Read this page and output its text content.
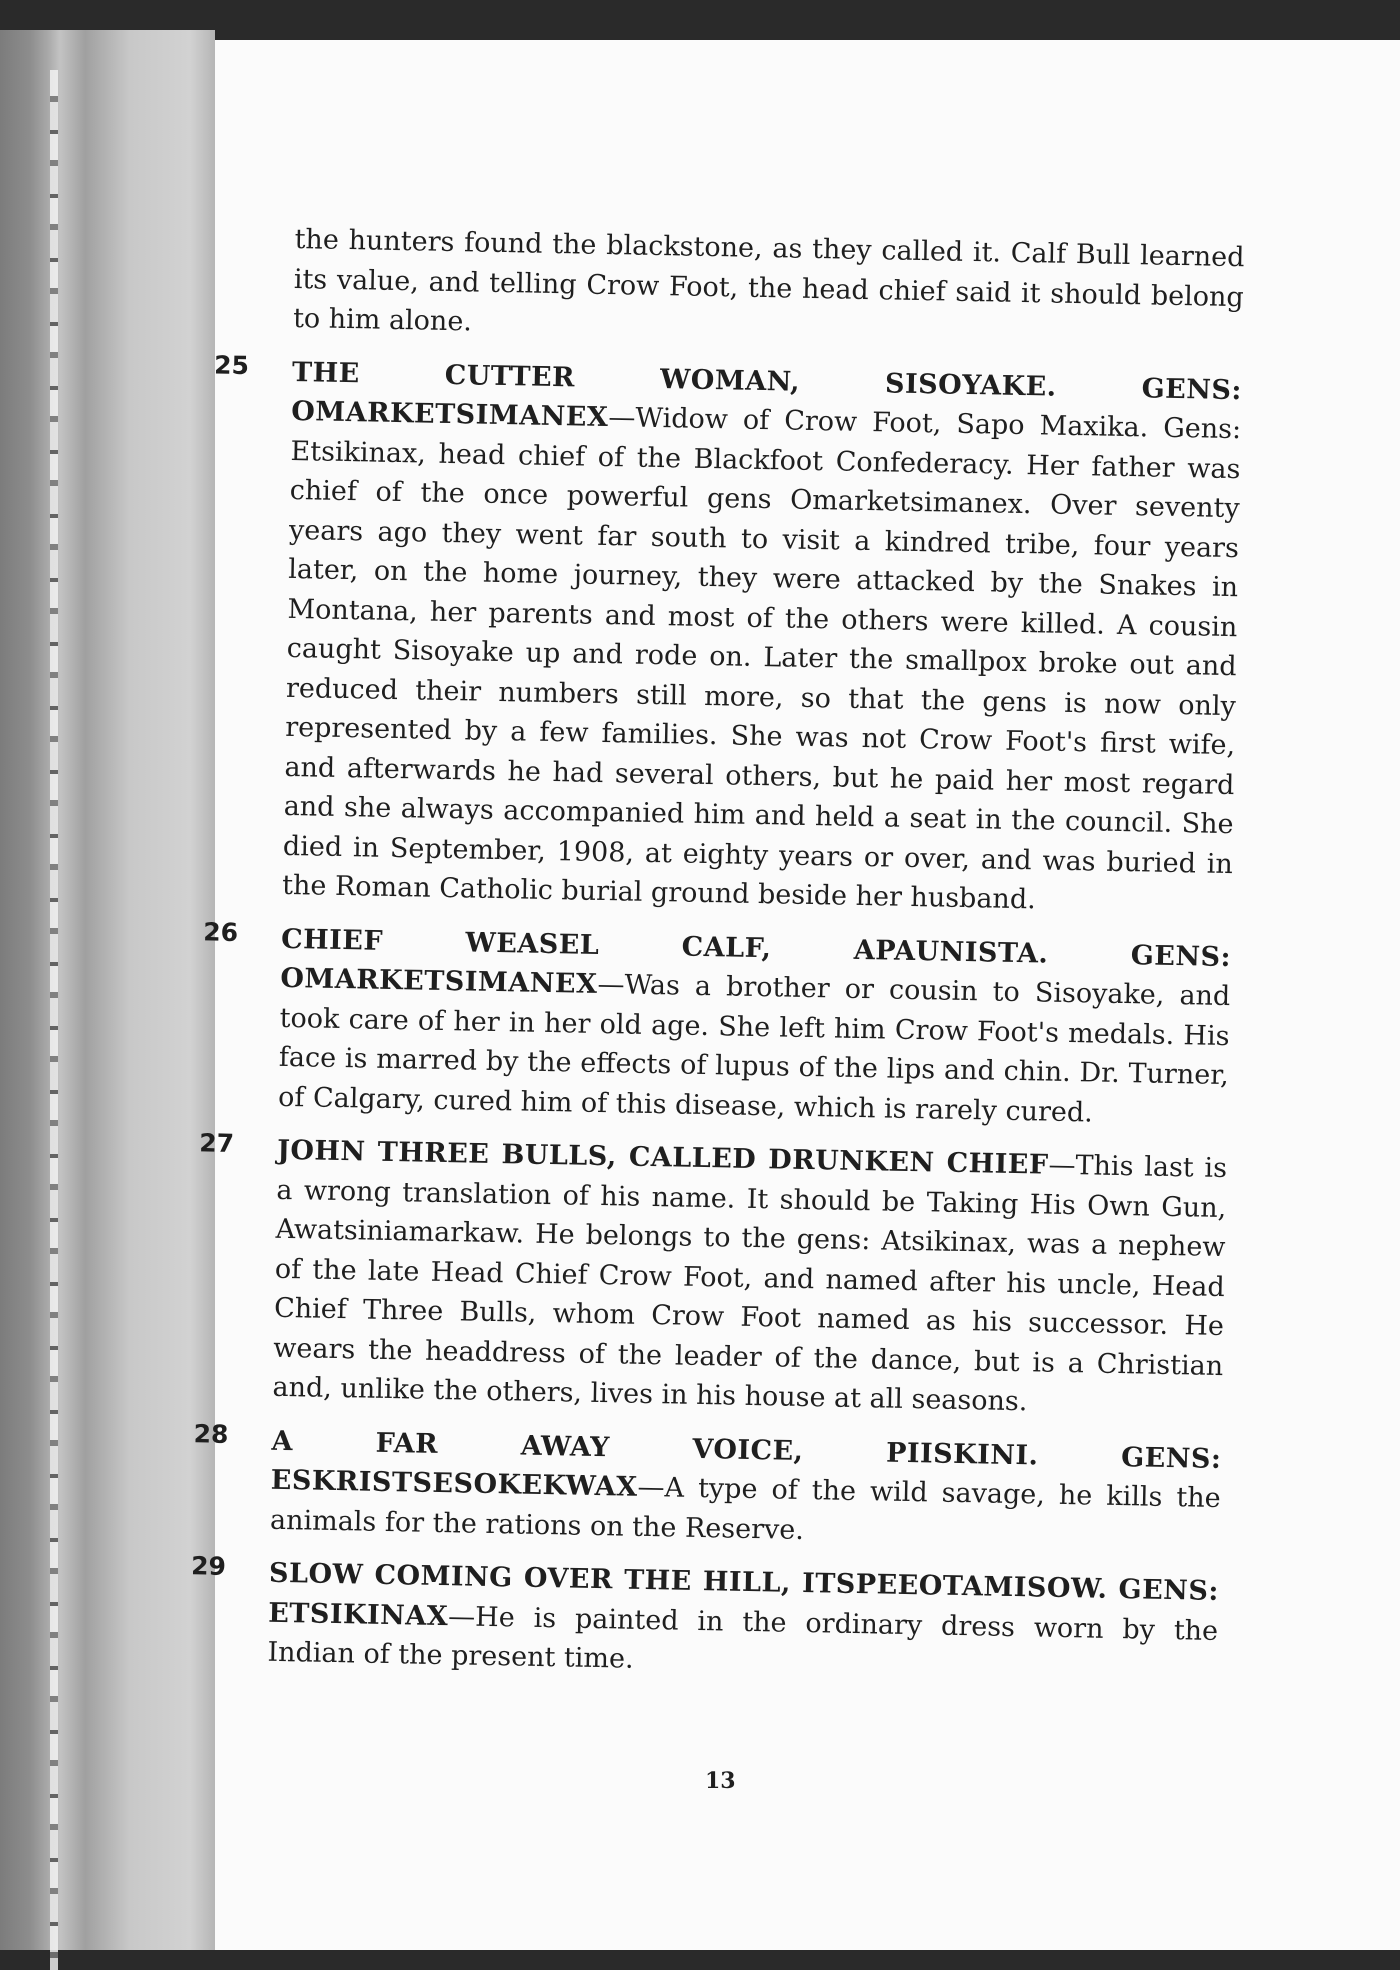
the hunters found the blackstone, as they called it. Calf Bull learned its value, and telling Crow Foot, the head chief said it should belong to him alone.

25	THE CUTTER WOMAN, SISOYAKE. GENS: OMARKETSIMANEX—Widow of Crow Foot, Sapo Maxika. Gens: Etsikinax, head chief of the Blackfoot Confederacy. Her father was chief of the once powerful gens Omarketsimanex. Over seventy years ago they went far south to visit a kindred tribe, four years later, on the home journey, they were attacked by the Snakes in Montana, her parents and most of the others were killed. A cousin caught Sisoyake up and rode on. Later the smallpox broke out and reduced their numbers still more, so that the gens is now only represented by a few families. She was not Crow Foot's first wife, and afterwards he had several others, but he paid her most regard and she always accompanied him and held a seat in the council. She died in September, 1908, at eighty years or over, and was buried in the Roman Catholic burial ground beside her husband.

26 CHIEF WEASEL CALF, APAUNISTA. GENS: OMARKETSIMANEX—Was a brother or cousin to Sisoyake, and took care of her in her old age. She left him Crow Foot's medals. His face is marred by the effects of lupus of the lips and chin. Dr. Turner, of Calgary, cured him of this disease, which is rarely cured.

27 JOHN THREE BULLS, CALLED DRUNKEN CHIEF—This last is a wrong translation of his name. It should be Taking His Own Gun, Awatsiniamarkaw. He belongs to the gens: Atsikinax, was a nephew of the late Head Chief Crow Foot, and named after his uncle, Head Chief Three Bulls, whom Crow Foot named as his successor. He wears the headdress of the leader of the dance, but is a Christian and, unlike the others, lives in his house at all seasons.

28 A FAR AWAY VOICE, PIISKINI. GENS: ESKRISTSESOKEKWAX—A type of the wild savage, he kills the animals for the rations on the Reserve.

29 SLOW COMING OVER THE HILL, ITSPEEOTAMISOW. GENS: ETSIKINAX—He is painted in the ordinary dress worn by the Indian of the present time.

13
